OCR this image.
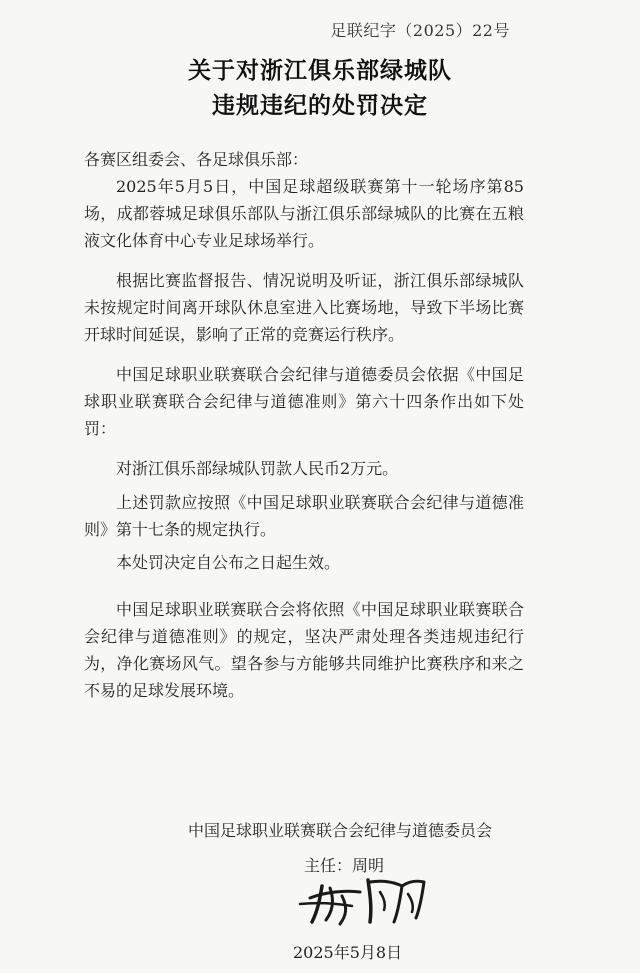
足联纪字（2025）22号
关于对浙江俱乐部绿城队
违规违纪的处罚决定
各赛区组委会、各足球俱乐部：

2025年5月5日，中国足球超级联赛第十一轮场序第85场，成都蓉城足球俱乐部队与浙江俱乐部绿城队的比赛在五粮液文化体育中心专业足球场举行。

根据比赛监督报告、情况说明及听证，浙江俱乐部绿城队未按规定时间离开球队休息室进入比赛场地，导致下半场比赛开球时间延误，影响了正常的竞赛运行秩序。

中国足球职业联赛联合会纪律与道德委员会依据《中国足球职业联赛联合会纪律与道德准则》第六十四条作出如下处罚：

对浙江俱乐部绿城队罚款人民币2万元。

上述罚款应按照《中国足球职业联赛联合会纪律与道德准则》第十七条的规定执行。

本处罚决定自公布之日起生效。

中国足球职业联赛联合会将依照《中国足球职业联赛联合会纪律与道德准则》的规定，坚决严肃处理各类违规违纪行为，净化赛场风气。望各参与方能够共同维护比赛秩序和来之不易的足球发展环境。

中国足球职业联赛联合会纪律与道德委员会
主任：周明
2025年5月8日
